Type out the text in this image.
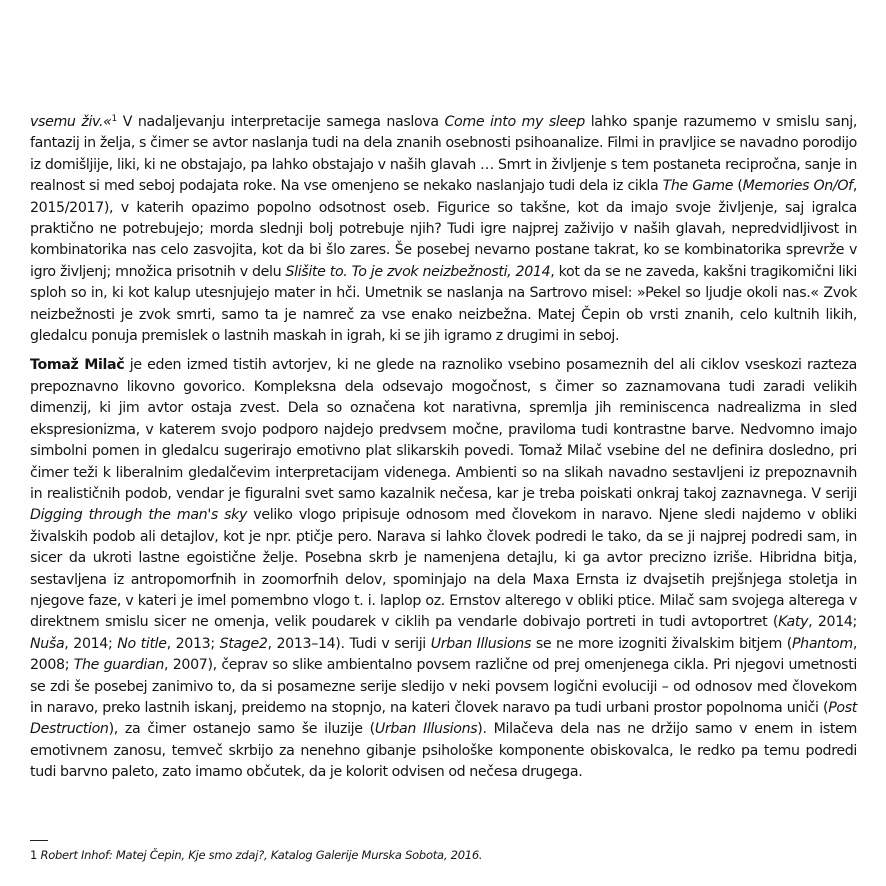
vsemu živ.«$^1$ V nadaljevanju interpretacije samega naslova Come into my sleep lahko spanje razumemo v smislu sanj, fantazij in želja, s čimer se avtor naslanja tudi na dela znanih osebnosti psihoanalize. Filmi in pravljice se navadno porodijo iz domišljije, liki, ki ne obstajajo, pa lahko obstajajo v naših glavah … Smrt in življenje s tem postaneta recipročna, sanje in realnost si med seboj podajata roke. Na vse omenjeno se nekako naslanjajo tudi dela iz cikla The Game (Memories On/Of, 2015/2017), v katerih opazimo popolno odsotnost oseb. Figurice so takšne, kot da imajo svoje življenje, saj igralca praktično ne potrebujejo; morda slednji bolj potrebuje njih? Tudi igre najprej zaživijo v naših glavah, nepredvidljivost in kombinatorika nas celo zasvojita, kot da bi šlo zares. Še posebej nevarno postane takrat, ko se kombinatorika sprevrže v igro življenj; množica prisotnih v delu Slišite to. To je zvok neizbežnosti, 2014, kot da se ne zaveda, kakšni tragikomični liki sploh so in, ki kot kalup utesnjujejo mater in hči. Umetnik se naslanja na Sartrovo misel: »Pekel so ljudje okoli nas.« Zvok neizbežnosti je zvok smrti, samo ta je namreč za vse enako neizbežna. Matej Čepin ob vrsti znanih, celo kultnih likih, gledalcu ponuja premislek o lastnih maskah in igrah, ki se jih igramo z drugimi in seboj.

Tomaž Milač je eden izmed tistih avtorjev, ki ne glede na raznoliko vsebino posameznih del ali ciklov vseskozi razteza prepoznavno likovno govorico. Kompleksna dela odsevajo mogočnost, s čimer so zaznamovana tudi zaradi velikih dimenzij, ki jim avtor ostaja zvest. Dela so označena kot narativna, spremlja jih reminiscenca nadrealizma in sled ekspresionizma, v katerem svojo podporo najdejo predvsem močne, praviloma tudi kontrastne barve. Nedvomno imajo simbolni pomen in gledalcu sugerirajo emotivno plat slikarskih povedi. Tomaž Milač vsebine del ne definira dosledno, pri čimer teži k liberalnim gledalčevim interpretacijam videnega. Ambienti so na slikah navadno sestavljeni iz prepoznavnih in realističnih podob, vendar je figuralni svet samo kazalnik nečesa, kar je treba poiskati onkraj takoj zaznavnega. V seriji Digging through the man's sky veliko vlogo pripisuje odnosom med človekom in naravo. Njene sledi najdemo v obliki živalskih podob ali detajlov, kot je npr. ptičje pero. Narava si lahko človek podredi le tako, da se ji najprej podredi sam, in sicer da ukroti lastne egoistične želje. Posebna skrb je namenjena detajlu, ki ga avtor precizno izriše. Hibridna bitja, sestavljena iz antropomorfnih in zoomorfnih delov, spominjajo na dela Maxa Ernsta iz dvajsetih prejšnjega stoletja in njegove faze, v kateri je imel pomembno vlogo t. i. laplop oz. Ernstov alterego v obliki ptice. Milač sam svojega alterega v direktnem smislu sicer ne omenja, velik poudarek v ciklih pa vendarle dobivajo portreti in tudi avtoportret (Katy, 2014; Nuša, 2014; No title, 2013; Stage2, 2013–14). Tudi v seriji Urban Illusions se ne more izogniti živalskim bitjem (Phantom, 2008; The guardian, 2007), čeprav so slike ambientalno povsem različne od prej omenjenega cikla. Pri njegovi umetnosti se zdi še posebej zanimivo to, da si posamezne serije sledijo v neki povsem logični evoluciji – od odnosov med človekom in naravo, preko lastnih iskanj, preidemo na stopnjo, na kateri človek naravo pa tudi urbani prostor popolnoma uniči (Post Destruction), za čimer ostanejo samo še iluzije (Urban Illusions). Milačeva dela nas ne držijo samo v enem in istem emotivnem zanosu, temveč skrbijo za nenehno gibanje psihološke komponente obiskovalca, le redko pa temu podredi tudi barvno paleto, zato imamo občutek, da je kolorit odvisen od nečesa drugega.

1 Robert Inhof: Matej Čepin, Kje smo zdaj?, Katalog Galerije Murska Sobota, 2016.
